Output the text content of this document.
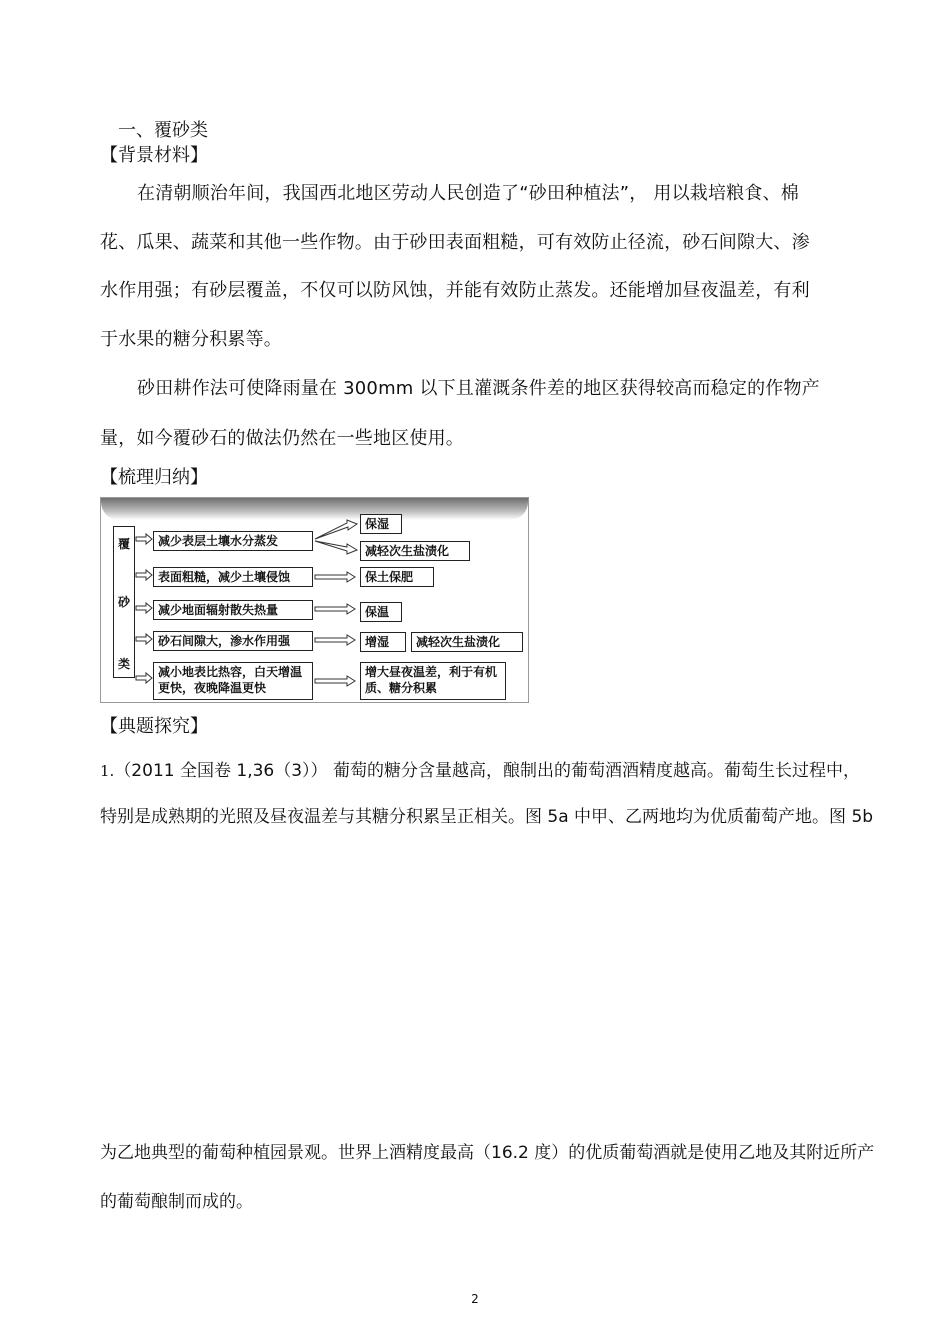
一、覆砂类
【背景材料】
在清朝顺治年间，我国西北地区劳动人民创造了“砂田种植法”， 用以栽培粮食、棉
花、瓜果、蔬菜和其他一些作物。由于砂田表面粗糙，可有效防止径流，砂石间隙大、渗
水作用强；有砂层覆盖，不仅可以防风蚀，并能有效防止蒸发。还能增加昼夜温差，有利
于水果的糖分积累等。
砂田耕作法可使降雨量在 300mm 以下且灌溉条件差的地区获得较高而稳定的作物产
量，如今覆砂石的做法仍然在一些地区使用。
【梳理归纳】
覆
砂
类
减少表层土壤水分蒸发
表面粗糙，减少土壤侵蚀
减少地面辐射散失热量
砂石间隙大，渗水作用强
减小地表比热容，白天增温更快，夜晚降温更快
保湿
减轻次生盐渍化
保土保肥
保温
增湿	减轻次生盐渍化
增大昼夜温差，利于有机质、糖分积累
【典题探究】
1.（2011 全国卷 1,36（3）） 葡萄的糖分含量越高，酿制出的葡萄酒酒精度越高。葡萄生长过程中，
特别是成熟期的光照及昼夜温差与其糖分积累呈正相关。图 5a 中甲、乙两地均为优质葡萄产地。图 5b
为乙地典型的葡萄种植园景观。世界上酒精度最高（16.2 度）的优质葡萄酒就是使用乙地及其附近所产
的葡萄酿制而成的。
2
